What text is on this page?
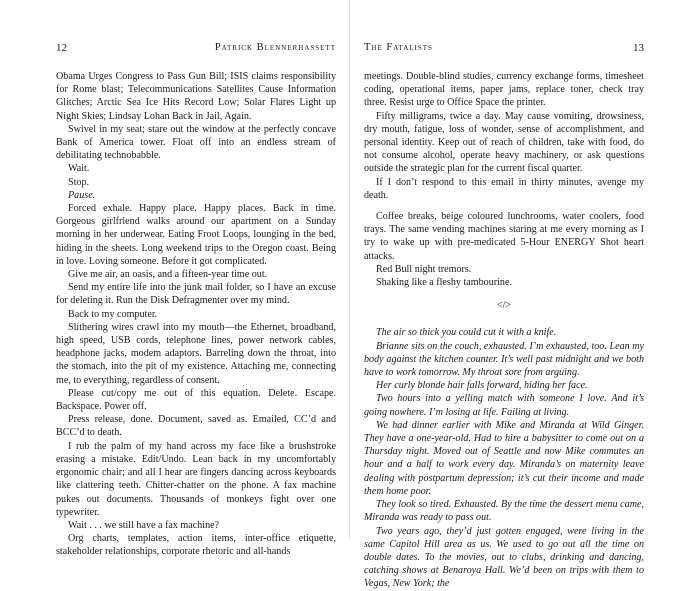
12	Patrick Blennerhassett

Obama Urges Congress to Pass Gun Bill; ISIS claims responsibility for Rome blast; Telecommunications Satellites Cause Information Glitches; Arctic Sea Ice Hits Record Low; Solar Flares Light up Night Skies; Lindsay Lohan Back in Jail, Again.

Swivel in my seat; stare out the window at the perfectly concave Bank of America tower. Float off into an endless stream of debilitating technobabble.

Wait.

Stop.

Pause.

Forced exhale. Happy place. Happy places. Back in time. Gorgeous girlfriend walks around our apartment on a Sunday morning in her underwear. Eating Froot Loops, lounging in the bed, hiding in the sheets. Long weekend trips to the Oregon coast. Being in love. Loving someone. Before it got complicated.

Give me air, an oasis, and a fifteen-year time out.

Send my entire life into the junk mail folder, so I have an excuse for deleting it. Run the Disk Defragmenter over my mind.

Back to my computer.

Slithering wires crawl into my mouth—the Ethernet, broadband, high speed, USB cords, telephone lines, power network cables, headphone jacks, modem adaptors. Barreling down the throat, into the stomach, into the pit of my existence. Attaching me, connecting me, to everything, regardless of consent.

Please cut/copy me out of this equation. Delete. Escape. Backspace. Power off.

Press release, done. Document, saved as. Emailed, CC’d and BCC’d to death.

I rub the palm of my hand across my face like a brushstroke erasing a mistake. Edit/Undo. Lean back in my uncomfortably ergonomic chair; and all I hear are fingers dancing across keyboards like clattering teeth. Chitter-chatter on the phone. A fax machine pukes out documents. Thousands of monkeys fight over one typewriter.

Wait . . . we still have a fax machine?

Org charts, templates, action items, inter-office etiquette, stakeholder relationships, corporate rhetoric and all-hands

The Fatalists	13

meetings. Double-blind studies, currency exchange forms, timesheet coding, operational items, paper jams, replace toner, check tray three. Resist urge to Office Space the printer.

Fifty milligrams, twice a day. May cause vomiting, drowsiness, dry mouth, fatigue, loss of wonder, sense of accomplishment, and personal identity. Keep out of reach of children, take with food, do not consume alcohol, operate heavy machinery, or ask questions outside the strategic plan for the current fiscal quarter.

If I don’t respond to this email in thirty minutes, avenge my death.

Coffee breaks, beige coloured lunchrooms, water coolers, food trays. The same vending machines staring at me every morning as I try to wake up with pre-medicated 5-Hour ENERGY Shot heart attacks.

Red Bull night tremors.

Shaking like a fleshy tambourine.

</>

The air so thick you could cut it with a knife.

Brianne sits on the couch, exhausted. I’m exhausted, too. Lean my body against the kitchen counter. It’s well past midnight and we both have to work tomorrow. My throat sore from arguing.

Her curly blonde hair falls forward, hiding her face.

Two hours into a yelling match with someone I love. And it’s going nowhere. I’m losing at life. Failing at living.

We had dinner earlier with Mike and Miranda at Wild Ginger. They have a one-year-old. Had to hire a babysitter to come out on a Thursday night. Moved out of Seattle and now Mike commutes an hour and a half to work every day. Miranda’s on maternity leave dealing with postpartum depression; it’s cut their income and made them home poor.

They look so tired. Exhausted. By the time the dessert menu came, Miranda was ready to pass out.

Two years ago, they’d just gotten engaged, were living in the same Capitol Hill area as us. We used to go out all the time on double dates. To the movies, out to clubs, drinking and dancing, catching shows at Benaroya Hall. We’d been on trips with them to Vegas, New York; the
